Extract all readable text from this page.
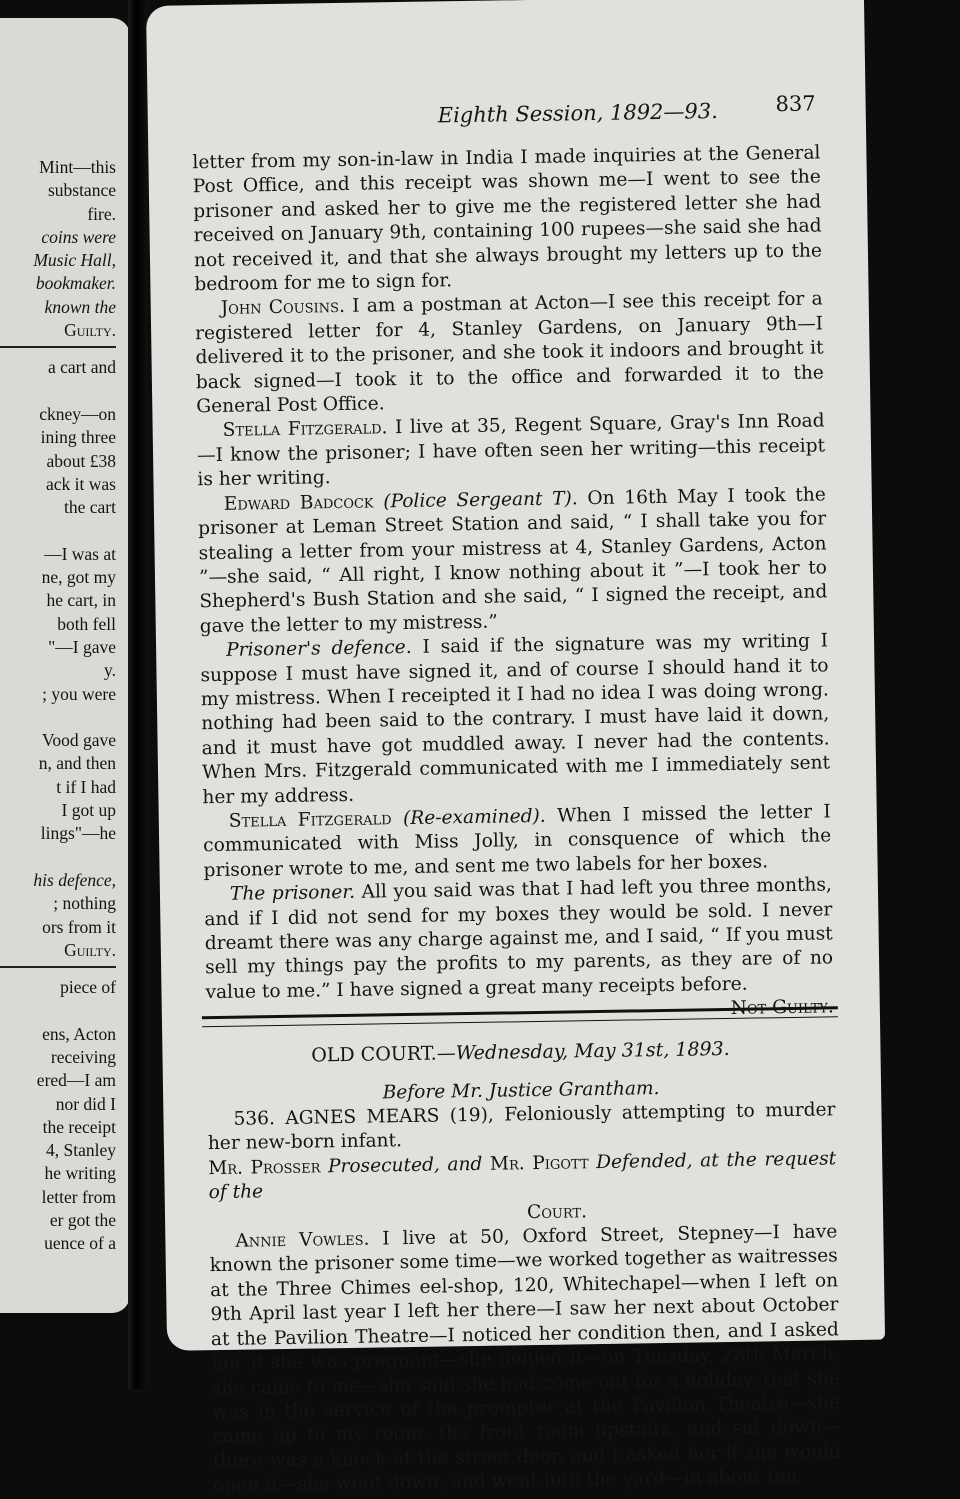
Mint—this
substance
fire.
coins were
Music Hall,
bookmaker.
known the
Guilty.
a cart and
ckney—on
ining three
about £38
ack it was
the cart
—I was at
ne, got my
he cart, in
both fell
"—I gave
y.
; you were
Vood gave
n, and then
t if I had
I got up
lings"—he
his defence,
; nothing
ors from it
Guilty.
piece of
ens, Acton
receiving
ered—I am
nor did I
the receipt
4, Stanley
he writing
letter from
er got the
uence of a
Eighth Session, 1892—93.	837

letter from my son-in-law in India I made inquiries at the General Post Office, and this receipt was shown me—I went to see the prisoner and asked her to give me the registered letter she had received on January 9th, containing 100 rupees—she said she had not received it, and that she always brought my letters up to the bedroom for me to sign for.

John Cousins. I am a postman at Acton—I see this receipt for a registered letter for 4, Stanley Gardens, on January 9th—I delivered it to the prisoner, and she took it indoors and brought it back signed—I took it to the office and forwarded it to the General Post Office.

Stella Fitzgerald. I live at 35, Regent Square, Gray's Inn Road—I know the prisoner; I have often seen her writing—this receipt is her writing.

Edward Badcock (Police Sergeant T). On 16th May I took the prisoner at Leman Street Station and said, “ I shall take you for stealing a letter from your mistress at 4, Stanley Gardens, Acton ”—she said, “ All right, I know nothing about it ”—I took her to Shepherd's Bush Station and she said, “ I signed the receipt, and gave the letter to my mistress.”

Prisoner's defence. I said if the signature was my writing I suppose I must have signed it, and of course I should hand it to my mistress. When I receipted it I had no idea I was doing wrong. nothing had been said to the contrary. I must have laid it down, and it must have got muddled away. I never had the contents. When Mrs. Fitzgerald communicated with me I immediately sent her my address.

Stella Fitzgerald (Re-examined). When I missed the letter I communicated with Miss Jolly, in consquence of which the prisoner wrote to me, and sent me two labels for her boxes.

The prisoner. All you said was that I had left you three months, and if I did not send for my boxes they would be sold. I never dreamt there was any charge against me, and I said, “ If you must sell my things pay the profits to my parents, as they are of no value to me.” I have signed a great many receipts before.
Not Guilty.

OLD COURT.—Wednesday, May 31st, 1893.
Before Mr. Justice Grantham.

536. AGNES MEARS (19), Feloniously attempting to murder her new-born infant.

Mr. Prosser Prosecuted, and Mr. Pigott Defended, at the request of the

Court.

Annie Vowles. I live at 50, Oxford Street, Stepney—I have known the prisoner some time—we worked together as waitresses at the Three Chimes eel-shop, 120, Whitechapel—when I left on 9th April last year I left her there—I saw her next about October at the Pavilion Theatre—I noticed her condition then, and I asked her if she was pregnant—she denied it—on Tuesday, 28th March, she came to me—she said she had come out for a holiday, that she was in the service of the prompter at the Pavilion Theatre—she came up to my room, the front room upstairs, and sat down—there was a knock at the street door, and I asked her if she would open it—she went down, and went into the yard—in about ten
